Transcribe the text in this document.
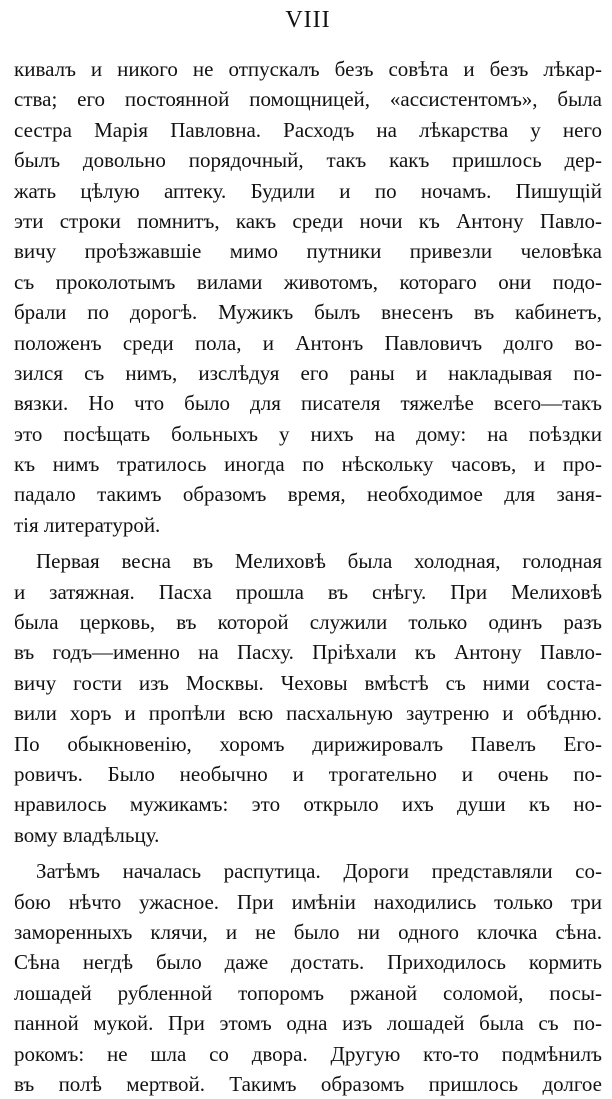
VIII
кивалъ и никого не отпускалъ безъ совѣта и безъ лѣкар-
ства; его постоянной помощницей, «ассистентомъ», была
сестра Марія Павловна. Расходъ на лѣкарства у него
былъ довольно порядочный, такъ какъ пришлось дер-
жать цѣлую аптеку. Будили и по ночамъ. Пишущій
эти строки помнитъ, какъ среди ночи къ Антону Павло-
вичу проѣзжавшіе мимо путники привезли человѣка
съ проколотымъ вилами животомъ, котораго они подо-
брали по дорогѣ. Мужикъ былъ внесенъ въ кабинетъ,
положенъ среди пола, и Антонъ Павловичъ долго во-
зился съ нимъ, изслѣдуя его раны и накладывая по-
вязки. Но что было для писателя тяжелѣе всего—такъ
это посѣщать больныхъ у нихъ на дому: на поѣздки
къ нимъ тратилось иногда по нѣскольку часовъ, и про-
падало такимъ образомъ время, необходимое для заня-
тія литературой.
Первая весна въ Мелиховѣ была холодная, голодная
и затяжная. Пасха прошла въ снѣгу. При Мелиховѣ
была церковь, въ которой служили только одинъ разъ
въ годъ—именно на Пасху. Пріѣхали къ Антону Павло-
вичу гости изъ Москвы. Чеховы вмѣстѣ съ ними соста-
вили хоръ и пропѣли всю пасхальную заутреню и обѣдню.
По обыкновенію, хоромъ дирижировалъ Павелъ Его-
ровичъ. Было необычно и трогательно и очень по-
нравилось мужикамъ: это открыло ихъ души къ но-
вому владѣльцу.
Затѣмъ началась распутица. Дороги представляли со-
бою нѣчто ужасное. При имѣніи находились только три
заморенныхъ клячи, и не было ни одного клочка сѣна.
Сѣна негдѣ было даже достать. Приходилось кормить
лошадей рубленной топоромъ ржаной соломой, посы-
панной мукой. При этомъ одна изъ лошадей была съ по-
рокомъ: не шла со двора. Другую кто-то подмѣнилъ
въ полѣ мертвой. Такимъ образомъ пришлось долгое
